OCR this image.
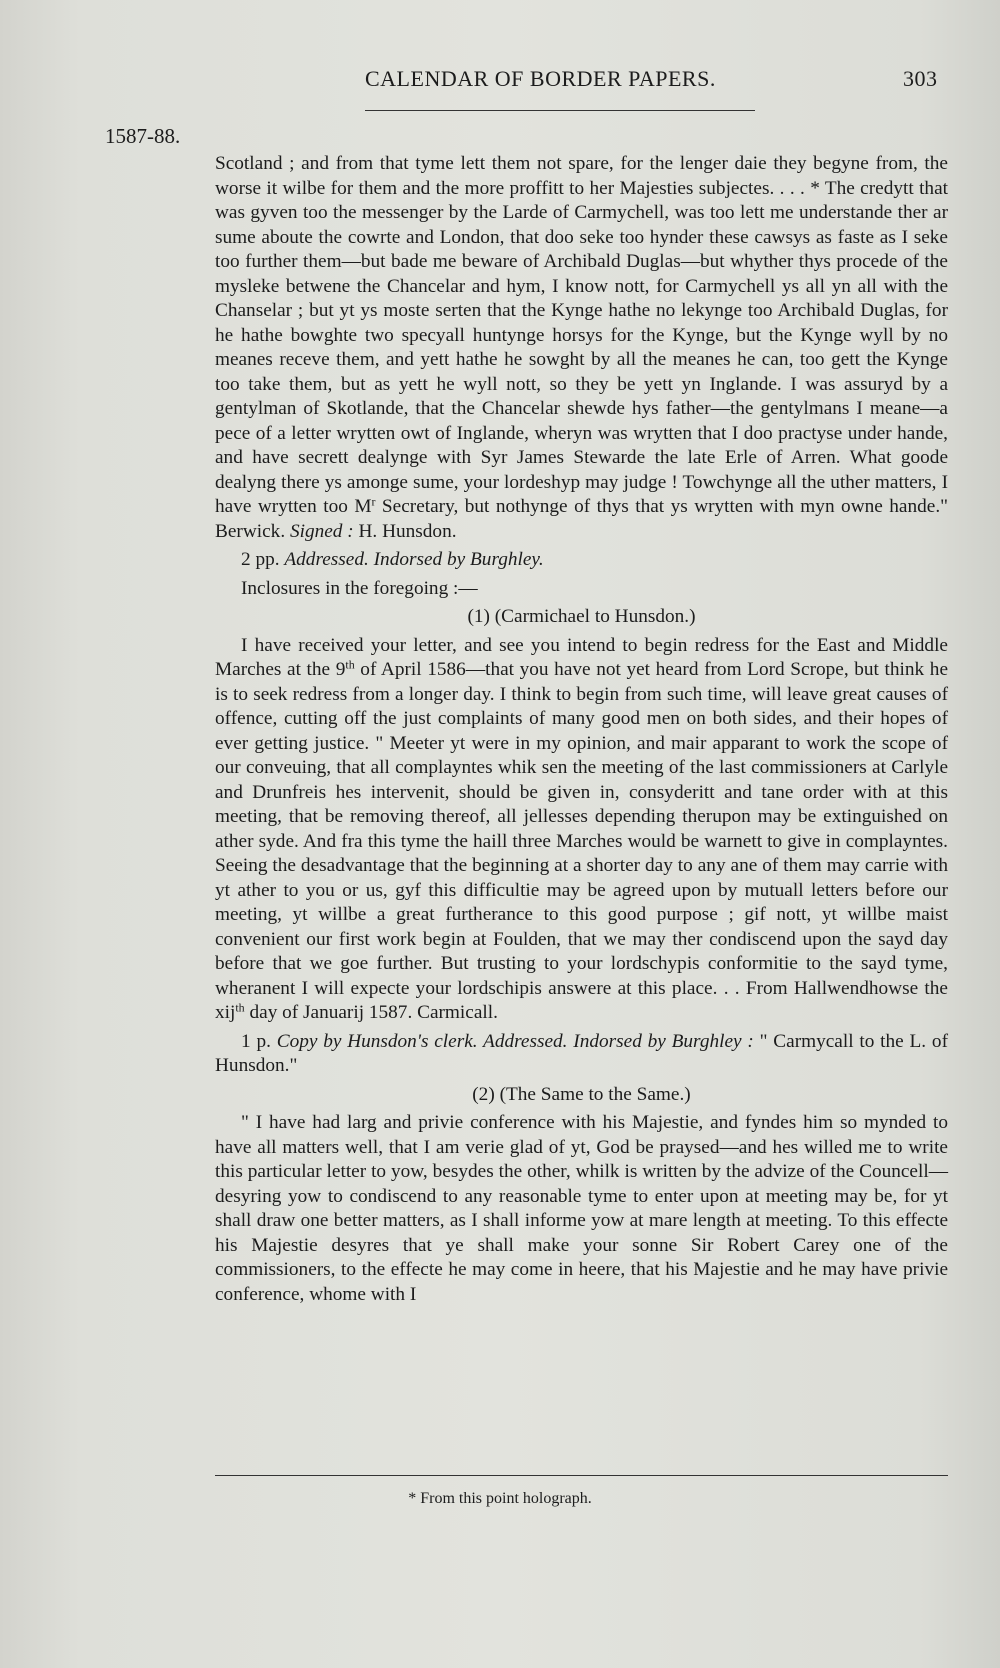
CALENDAR OF BORDER PAPERS.	303
1587-88.

Scotland ; and from that tyme lett them not spare, for the lenger daie they begyne from, the worse it wilbe for them and the more proffitt to her Majesties subjectes. . . . * The credytt that was gyven too the messenger by the Larde of Carmychell, was too lett me understande ther ar sume aboute the cowrte and London, that doo seke too hynder these cawsys as faste as I seke too further them—but bade me beware of Archibald Duglas—but whyther thys procede of the mysleke betwene the Chancelar and hym, I know nott, for Carmychell ys all yn all with the Chanselar ; but yt ys moste serten that the Kynge hathe no lekynge too Archibald Duglas, for he hathe bowghte two specyall huntynge horsys for the Kynge, but the Kynge wyll by no meanes receve them, and yett hathe he sowght by all the meanes he can, too gett the Kynge too take them, but as yett he wyll nott, so they be yett yn Inglande. I was assuryd by a gentylman of Skotlande, that the Chancelar shewde hys father—the gentylmans I meane—a pece of a letter wrytten owt of Inglande, wheryn was wrytten that I doo practyse under hande, and have secrett dealynge with Syr James Stewarde the late Erle of Arren. What goode dealyng there ys amonge sume, your lordeshyp may judge ! Towchynge all the uther matters, I have wrytten too $M^r$ Secretary, but nothynge of thys that ys wrytten with myn owne hande." Berwick. Signed : H. Hunsdon.

2 pp. Addressed. Indorsed by Burghley.

Inclosures in the foregoing :—

(1) (Carmichael to Hunsdon.)

I have received your letter, and see you intend to begin redress for the East and Middle Marches at the 9th of April 1586—that you have not yet heard from Lord Scrope, but think he is to seek redress from a longer day. I think to begin from such time, will leave great causes of offence, cutting off the just complaints of many good men on both sides, and their hopes of ever getting justice. " Meeter yt were in my opinion, and mair apparant to work the scope of our conveuing, that all complayntes whik sen the meeting of the last commissioners at Carlyle and Drunfreis hes intervenit, should be given in, consyderitt and tane order with at this meeting, that be removing thereof, all jellesses depending therupon may be extinguished on ather syde. And fra this tyme the haill three Marches would be warnett to give in complayntes. Seeing the desadvantage that the beginning at a shorter day to any ane of them may carrie with yt ather to you or us, gyf this difficultie may be agreed upon by mutuall letters before our meeting, yt willbe a great furtherance to this good purpose ; gif nott, yt willbe maist convenient our first work begin at Foulden, that we may ther condiscend upon the sayd day before that we goe further. But trusting to your lordschypis conformitie to the sayd tyme, wheranent I will expecte your lordschipis answere at this place. . . From Hallwendhowse the xij$^{th}$ day of Januarij 1587. Carmicall.

1 p. Copy by Hunsdon's clerk. Addressed. Indorsed by Burghley : " Carmycall to the L. of Hunsdon."

(2) (The Same to the Same.)

" I have had larg and privie conference with his Majestie, and fyndes him so mynded to have all matters well, that I am verie glad of yt, God be praysed—and hes willed me to write this particular letter to yow, besydes the other, whilk is written by the advize of the Councell—desyring yow to condiscend to any reasonable tyme to enter upon at meeting may be, for yt shall draw one better matters, as I shall informe yow at mare length at meeting. To this effecte his Majestie desyres that ye shall make your sonne Sir Robert Carey one of the commissioners, to the effecte he may come in heere, that his Majestie and he may have privie conference, whome with I

* From this point holograph.
